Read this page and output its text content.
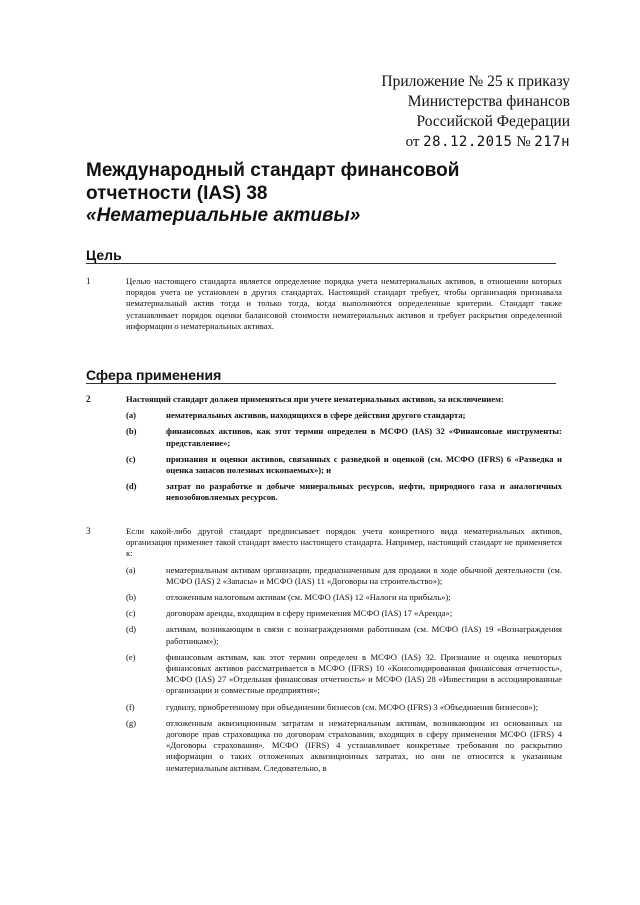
Приложение № 25 к приказу
Министерства финансов
Российской Федерации
от 28.12.2015 № 217н
Международный стандарт финансовой
отчетности (IAS) 38
«Нематериальные активы»
Цель
1	Целью настоящего стандарта является определение порядка учета нематериальных активов, в отношении которых порядок учета не установлен в других стандартах. Настоящий стандарт требует, чтобы организация признавала нематериальный актив тогда и только тогда, когда выполняются определенные критерии. Стандарт также устанавливает порядок оценки балансовой стоимости нематериальных активов и требует раскрытия определенной информации о нематериальных активах.
Сфера применения
2	Настоящий стандарт должен применяться при учете нематериальных активов, за исключением:
(a)	нематериальных активов, находящихся в сфере действия другого стандарта;
(b)	финансовых активов, как этот термин определен в МСФО (IAS) 32 «Финансовые инструменты: представление»;
(c)	признания и оценки активов, связанных с разведкой и оценкой (см. МСФО (IFRS) 6 «Разведка и оценка запасов полезных ископаемых»); и
(d)	затрат по разработке и добыче минеральных ресурсов, нефти, природного газа и аналогичных невозобновляемых ресурсов.
3	Если какой-либо другой стандарт предписывает порядок учета конкретного вида нематериальных активов, организация применяет такой стандарт вместо настоящего стандарта. Например, настоящий стандарт не применяется к:
(a)	нематериальным активам организации, предназначенным для продажи в ходе обычной деятельности (см. МСФО (IAS) 2 «Запасы» и МСФО (IAS) 11 «Договоры на строительство»);
(b)	отложенным налоговым активам (см. МСФО (IAS) 12 «Налоги на прибыль»);
(c)	договорам аренды, входящим в сферу применения МСФО (IAS) 17 «Аренда»;
(d)	активам, возникающим в связи с вознаграждениями работникам (см. МСФО (IAS) 19 «Вознаграждения работникам»);
(e)	финансовым активам, как этот термин определен в МСФО (IAS) 32. Признание и оценка некоторых финансовых активов рассматривается в МСФО (IFRS) 10 «Консолидированная финансовая отчетность», МСФО (IAS) 27 «Отдельная финансовая отчетность» и МСФО (IAS) 28 «Инвестиции в ассоциированные организации и совместные предприятия»;
(f)	гудвилу, приобретенному при объединении бизнесов (см. МСФО (IFRS) 3 «Объединения бизнесов»);
(g)	отложенным аквизиционным затратам и нематериальным активам, возникающим из основанных на договоре прав страховщика по договорам страхования, входящих в сферу применения МСФО (IFRS) 4 «Договоры страхования». МСФО (IFRS) 4 устанавливает конкретные требования по раскрытию информации о таких отложенных аквизиционных затратах, но они не относятся к указанным нематериальным активам. Следовательно, в
